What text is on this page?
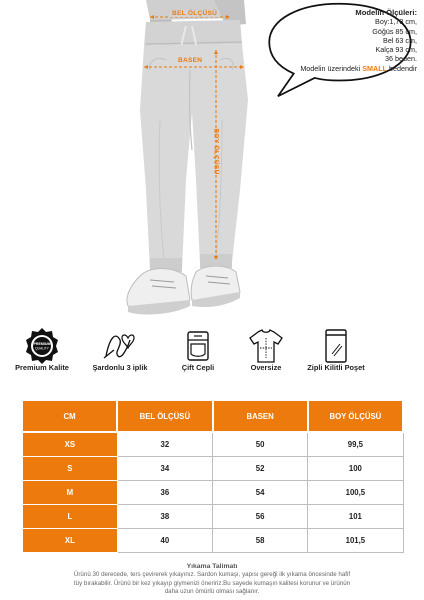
BEL ÖLÇÜSÜ
BASEN
BOY ÖLÇÜSÜ
Modelin Ölçüleri:
Boy:1,78 cm,
Göğüs 85 cm,
Bel 63 cm,
Kalça 93 cm,
36 beden.
Modelin üzerindeki SMALL bedendir
PREMIUM
QUALITY
Premium Kalite	Şardonlu 3 iplik	Çift Cepli	Oversize	Zipli Kilitli Poşet
CM	BEL ÖLÇÜSÜ	BASEN	BOY ÖLÇÜSÜ
XS	32	50	99,5
S	34	52	100
M	36	54	100,5
L	38	56	101
XL	40	58	101,5
Yıkama Talimatı
Ürünü 30 derecede, ters çevirerek yıkayınız. Sardon kumaşı, yapısı gereği ilk yıkama öncesinde hafif
tüy bırakabilir. Ürünü bir kez yıkayıp giymenizi öneririz.Bu sayede kumaşın kalitesi korunur ve ürünün
daha uzun ömürlü olması sağlanır.
